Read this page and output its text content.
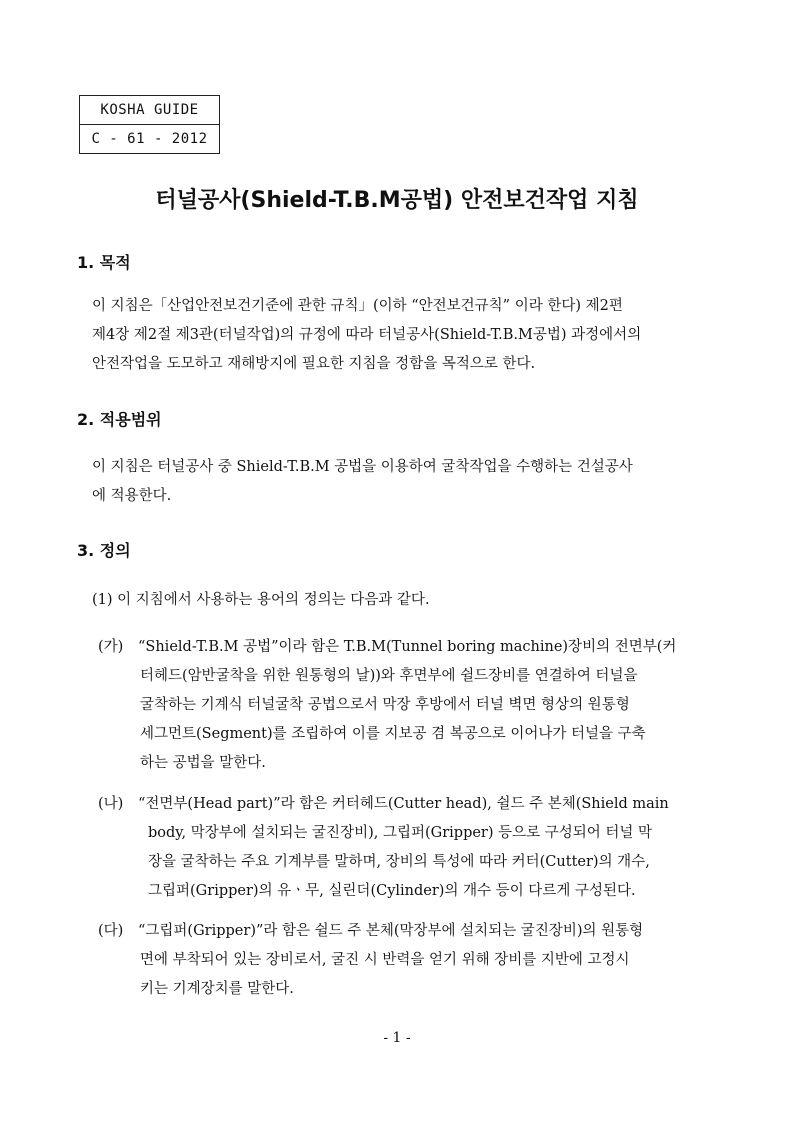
KOSHA GUIDE
C - 61 - 2012
터널공사(Shield-T.B.M공법) 안전보건작업 지침
1. 목적
이 지침은「산업안전보건기준에 관한 규칙」(이하 “안전보건규칙” 이라 한다) 제2편
제4장 제2절 제3관(터널작업)의 규정에 따라 터널공사(Shield-T.B.M공법) 과정에서의
안전작업을 도모하고 재해방지에 필요한 지침을 정함을 목적으로 한다.
2. 적용범위
이 지침은 터널공사 중 Shield-T.B.M 공법을 이용하여 굴착작업을 수행하는 건설공사
에 적용한다.
3. 정의
(1) 이 지침에서 사용하는 용어의 정의는 다음과 같다.
(가) “Shield-T.B.M 공법”이라 함은 T.B.M(Tunnel boring machine)장비의 전면부(커
터헤드(암반굴착을 위한 원통형의 날))와 후면부에 쉴드장비를 연결하여 터널을
굴착하는 기계식 터널굴착 공법으로서 막장 후방에서 터널 벽면 형상의 원통형
세그먼트(Segment)를 조립하여 이를 지보공 겸 복공으로 이어나가 터널을 구축
하는 공법을 말한다.
(나) “전면부(Head part)”라 함은 커터헤드(Cutter head), 쉴드 주 본체(Shield main
body, 막장부에 설치되는 굴진장비), 그립퍼(Gripper) 등으로 구성되어 터널 막
장을 굴착하는 주요 기계부를 말하며, 장비의 특성에 따라 커터(Cutter)의 개수,
그립퍼(Gripper)의 유ㆍ무, 실린더(Cylinder)의 개수 등이 다르게 구성된다.
(다) “그립퍼(Gripper)”라 함은 쉴드 주 본체(막장부에 설치되는 굴진장비)의 원통형
면에 부착되어 있는 장비로서, 굴진 시 반력을 얻기 위해 장비를 지반에 고정시
키는 기계장치를 말한다.
- 1 -
